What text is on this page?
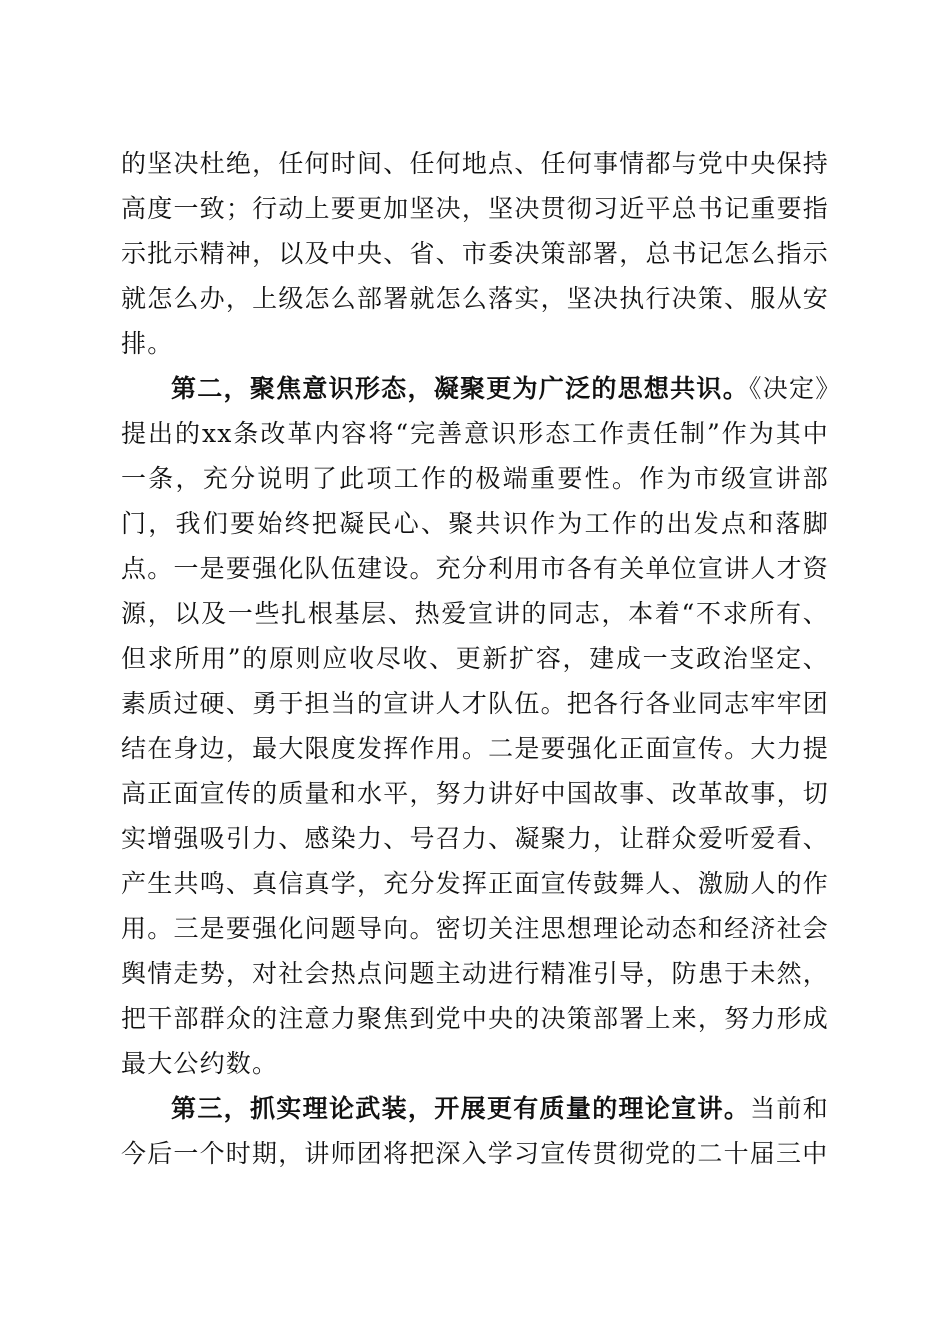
的坚决杜绝，任何时间、任何地点、任何事情都与党中央保持高度一致；行动上要更加坚决，坚决贯彻习近平总书记重要指示批示精神，以及中央、省、市委决策部署，总书记怎么指示就怎么办，上级怎么部署就怎么落实，坚决执行决策、服从安排。

第二，聚焦意识形态，凝聚更为广泛的思想共识。《决定》提出的xx条改革内容将“完善意识形态工作责任制”作为其中一条，充分说明了此项工作的极端重要性。作为市级宣讲部门，我们要始终把凝民心、聚共识作为工作的出发点和落脚点。一是要强化队伍建设。充分利用市各有关单位宣讲人才资源，以及一些扎根基层、热爱宣讲的同志，本着“不求所有、但求所用”的原则应收尽收、更新扩容，建成一支政治坚定、素质过硬、勇于担当的宣讲人才队伍。把各行各业同志牢牢团结在身边，最大限度发挥作用。二是要强化正面宣传。大力提高正面宣传的质量和水平，努力讲好中国故事、改革故事，切实增强吸引力、感染力、号召力、凝聚力，让群众爱听爱看、产生共鸣、真信真学，充分发挥正面宣传鼓舞人、激励人的作用。三是要强化问题导向。密切关注思想理论动态和经济社会舆情走势，对社会热点问题主动进行精准引导，防患于未然，把干部群众的注意力聚焦到党中央的决策部署上来，努力形成最大公约数。

第三，抓实理论武装，开展更有质量的理论宣讲。当前和今后一个时期，讲师团将把深入学习宣传贯彻党的二十届三中
